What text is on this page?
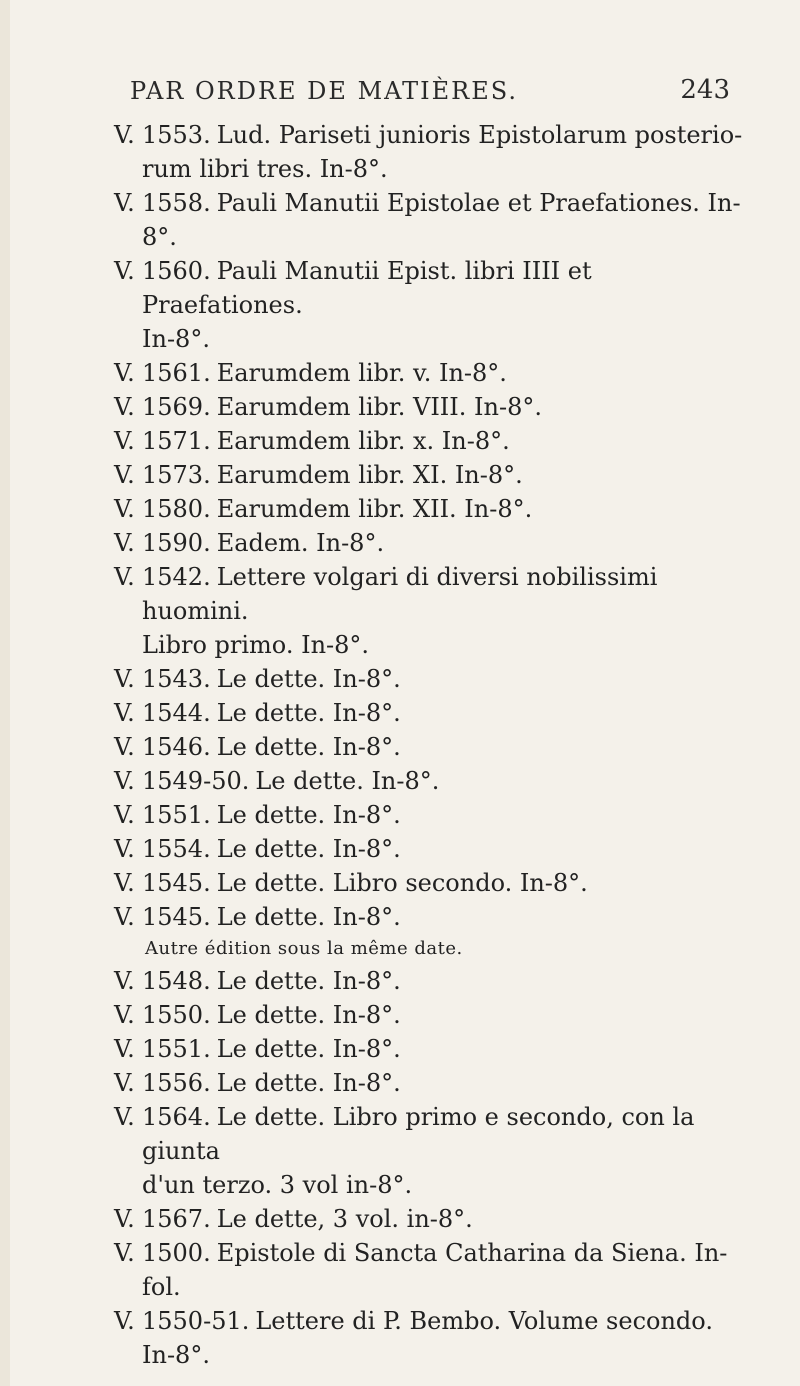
PAR ORDRE DE MATIÈRES.	243
V. 1553. Lud. Pariseti junioris Epistolarum posterio-
rum libri tres. In-8°.
V. 1558. Pauli Manutii Epistolae et Praefationes. In-8°.
V. 1560. Pauli Manutii Epist. libri IIII et Praefationes.
In-8°.
V. 1561. Earumdem libr. v. In-8°.
V. 1569. Earumdem libr. VIII. In-8°.
V. 1571. Earumdem libr. x. In-8°.
V. 1573. Earumdem libr. XI. In-8°.
V. 1580. Earumdem libr. XII. In-8°.
V. 1590. Eadem. In-8°.
V. 1542. Lettere volgari di diversi nobilissimi huomini.
Libro primo. In-8°.
V. 1543. Le dette. In-8°.
V. 1544. Le dette. In-8°.
V. 1546. Le dette. In-8°.
V. 1549-50. Le dette. In-8°.
V. 1551. Le dette. In-8°.
V. 1554. Le dette. In-8°.
V. 1545. Le dette. Libro secondo. In-8°.
V. 1545. Le dette. In-8°.
Autre édition sous la même date.
V. 1548. Le dette. In-8°.
V. 1550. Le dette. In-8°.
V. 1551. Le dette. In-8°.
V. 1556. Le dette. In-8°.
V. 1564. Le dette. Libro primo e secondo, con la giunta
d'un terzo. 3 vol in-8°.
V. 1567. Le dette, 3 vol. in-8°.
V. 1500. Epistole di Sancta Catharina da Siena. In-fol.
V. 1550-51. Lettere di P. Bembo. Volume secondo.
In-8°.
